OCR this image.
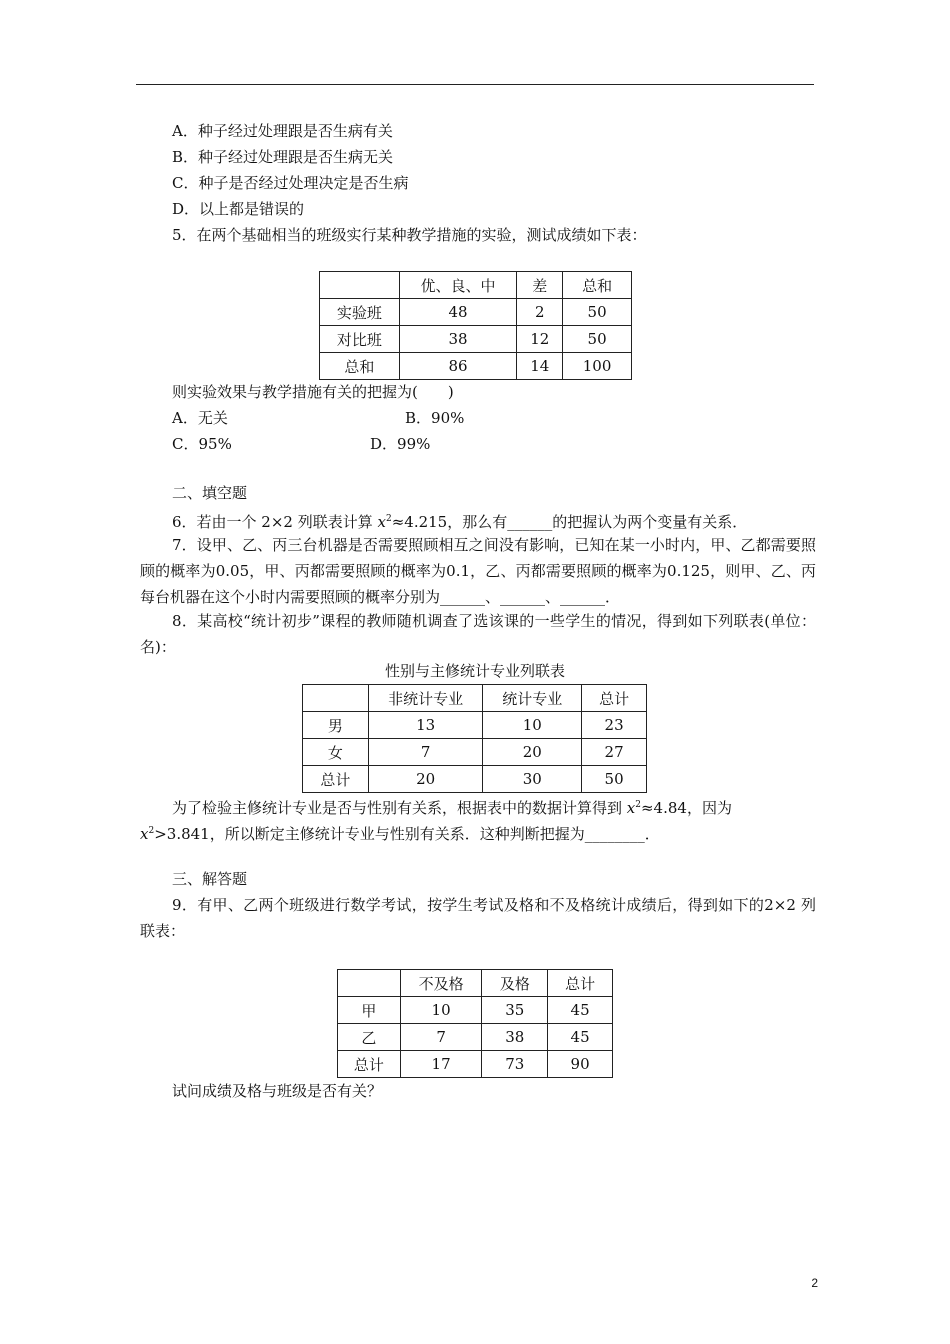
A．种子经过处理跟是否生病有关
B．种子经过处理跟是否生病无关
C．种子是否经过处理决定是否生病
D．以上都是错误的
5．在两个基础相当的班级实行某种教学措施的实验，测试成绩如下表：
	优、良、中	差	总和
实验班	48	2	50
对比班	38	12	50
总和	86	14	100
则实验效果与教学措施有关的把握为(　　)
A．无关	B．90%
C．95%	D．99%
二、填空题
6．若由一个 2×2 列联表计算 $x^2\approx 4.215$，那么有______的把握认为两个变量有关系．
7．设甲、乙、丙三台机器是否需要照顾相互之间没有影响，已知在某一小时内，甲、乙都需要照顾的概率为0.05，甲、丙都需要照顾的概率为0.1，乙、丙都需要照顾的概率为0.125，则甲、乙、丙每台机器在这个小时内需要照顾的概率分别为______、______、______．
8．某高校“统计初步”课程的教师随机调查了选该课的一些学生的情况，得到如下列联表(单位：名)：
性别与主修统计专业列联表
	非统计专业	统计专业	总计
男	13	10	23
女	7	20	27
总计	20	30	50
为了检验主修统计专业是否与性别有关系，根据表中的数据计算得到 $x^2\approx 4.84$，因为
$x^2>3.841$，所以断定主修统计专业与性别有关系．这种判断把握为________．
三、解答题
9．有甲、乙两个班级进行数学考试，按学生考试及格和不及格统计成绩后，得到如下的2×2 列联表：
	不及格	及格	总计
甲	10	35	45
乙	7	38	45
总计	17	73	90
试问成绩及格与班级是否有关？
2
